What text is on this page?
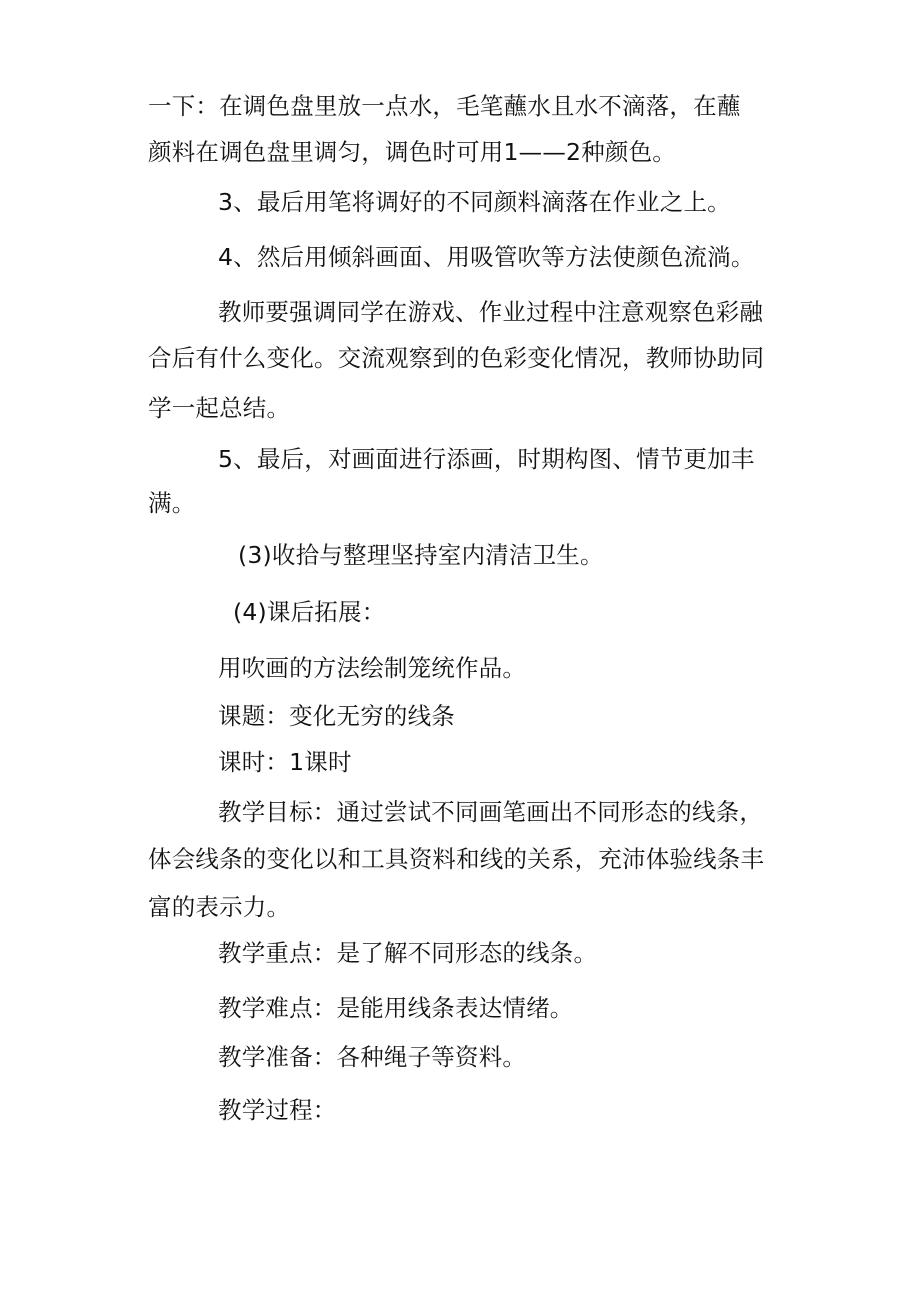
一下：在调色盘里放一点水，毛笔蘸水且水不滴落，在蘸
颜料在调色盘里调匀，调色时可用1——2种颜色。
3、最后用笔将调好的不同颜料滴落在作业之上。
4、然后用倾斜画面、用吸管吹等方法使颜色流淌。
教师要强调同学在游戏、作业过程中注意观察色彩融
合后有什么变化。交流观察到的色彩变化情况，教师协助同
学一起总结。
5、最后，对画面进行添画，时期构图、情节更加丰
满。
(3)收拾与整理坚持室内清洁卫生。
(4)课后拓展：
用吹画的方法绘制笼统作品。
课题：变化无穷的线条
课时：1课时
教学目标：通过尝试不同画笔画出不同形态的线条，
体会线条的变化以和工具资料和线的关系，充沛体验线条丰
富的表示力。
教学重点：是了解不同形态的线条。
教学难点：是能用线条表达情绪。
教学准备：各种绳子等资料。
教学过程：
